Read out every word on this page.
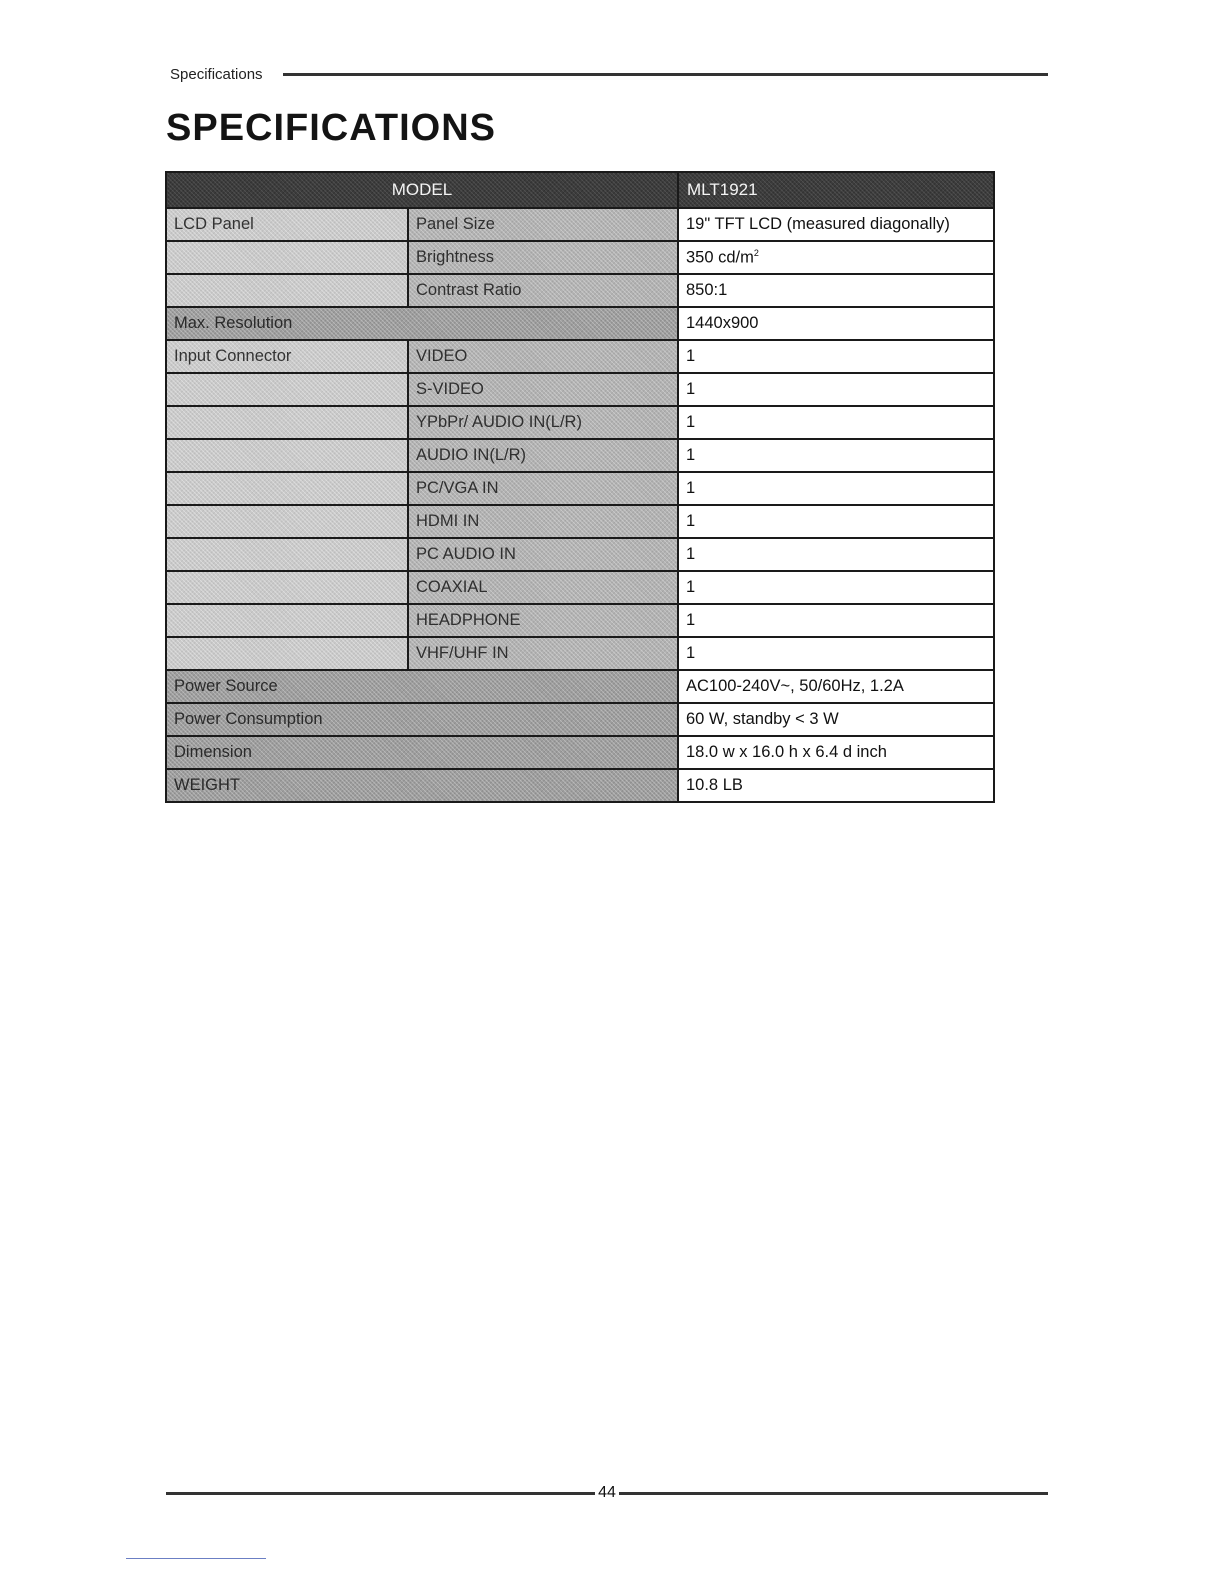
Specifications
SPECIFICATIONS
MODEL		MLT1921
LCD Panel	Panel Size	19" TFT LCD (measured diagonally)
	Brightness	350 $cd/m^2$
	Contrast Ratio	850:1
Max. Resolution		1440x900
Input Connector	VIDEO	1
	S-VIDEO	1
	YPbPr/ AUDIO IN(L/R)	1
	AUDIO IN(L/R)	1
	PC/VGA IN	1
	HDMI IN	1
	PC AUDIO IN	1
	COAXIAL	1
	HEADPHONE	1
	VHF/UHF IN	1
Power Source		AC100-240V~, 50/60Hz, 1.2A
Power Consumption		60 W, standby < 3 W
Dimension		18.0 w x 16.0 h x 6.4 d inch
WEIGHT		10.8 LB
44
